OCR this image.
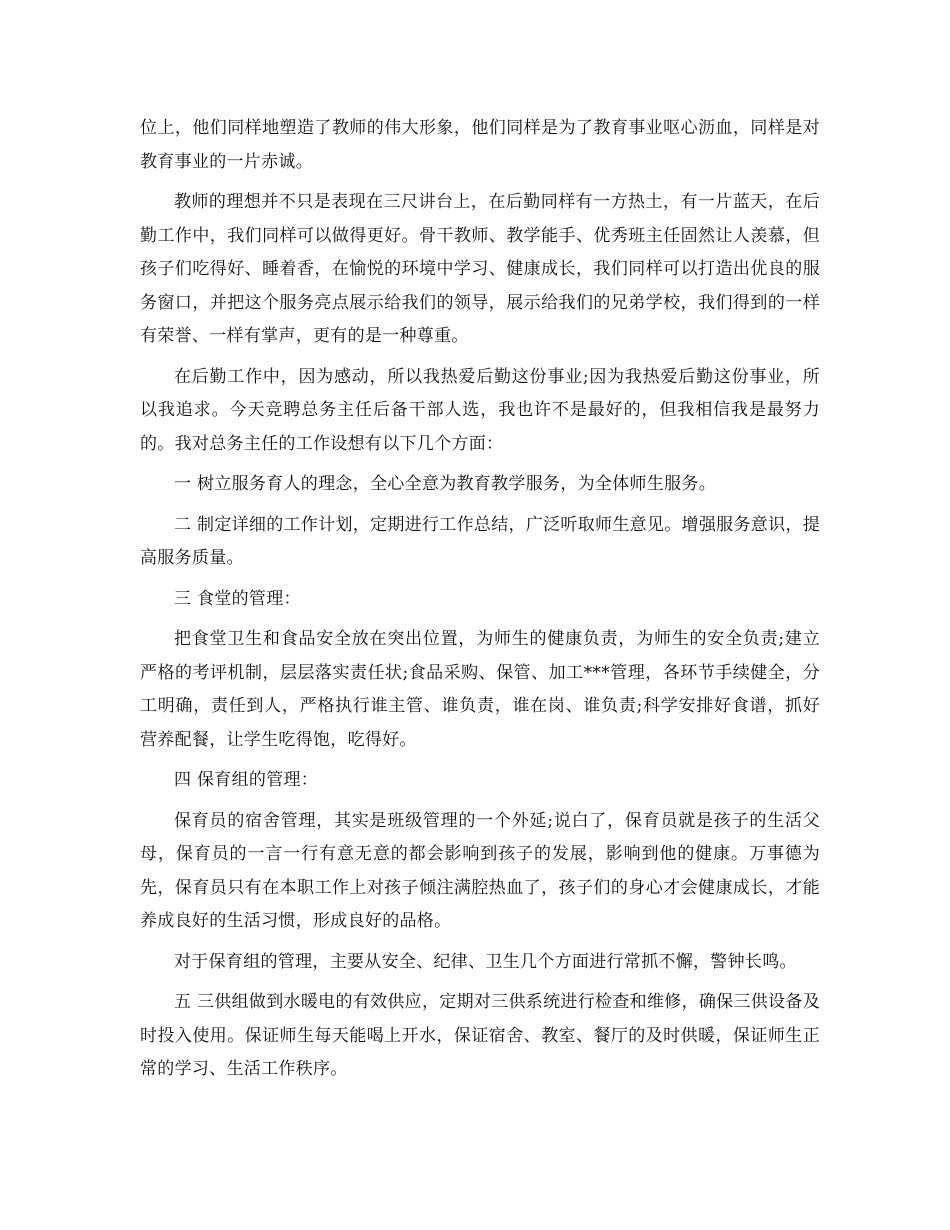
位上，他们同样地塑造了教师的伟大形象，他们同样是为了教育事业呕心沥血，同样是对教育事业的一片赤诚。

教师的理想并不只是表现在三尺讲台上，在后勤同样有一方热土，有一片蓝天，在后勤工作中，我们同样可以做得更好。骨干教师、教学能手、优秀班主任固然让人羡慕，但孩子们吃得好、睡着香，在愉悦的环境中学习、健康成长，我们同样可以打造出优良的服务窗口，并把这个服务亮点展示给我们的领导，展示给我们的兄弟学校，我们得到的一样有荣誉、一样有掌声，更有的是一种尊重。

在后勤工作中，因为感动，所以我热爱后勤这份事业;因为我热爱后勤这份事业，所以我追求。今天竞聘总务主任后备干部人选，我也许不是最好的，但我相信我是最努力的。我对总务主任的工作设想有以下几个方面：

一 树立服务育人的理念，全心全意为教育教学服务，为全体师生服务。

二 制定详细的工作计划，定期进行工作总结，广泛听取师生意见。增强服务意识，提高服务质量。

三 食堂的管理：

把食堂卫生和食品安全放在突出位置，为师生的健康负责，为师生的安全负责;建立严格的考评机制，层层落实责任状;食品采购、保管、加工***管理，各环节手续健全，分工明确，责任到人，严格执行谁主管、谁负责，谁在岗、谁负责;科学安排好食谱，抓好营养配餐，让学生吃得饱，吃得好。

四 保育组的管理：

保育员的宿舍管理，其实是班级管理的一个外延;说白了，保育员就是孩子的生活父母，保育员的一言一行有意无意的都会影响到孩子的发展，影响到他的健康。万事德为先，保育员只有在本职工作上对孩子倾注满腔热血了，孩子们的身心才会健康成长，才能养成良好的生活习惯，形成良好的品格。

对于保育组的管理，主要从安全、纪律、卫生几个方面进行常抓不懈，警钟长鸣。

五 三供组做到水暖电的有效供应，定期对三供系统进行检查和维修，确保三供设备及时投入使用。保证师生每天能喝上开水，保证宿舍、教室、餐厅的及时供暖，保证师生正常的学习、生活工作秩序。
